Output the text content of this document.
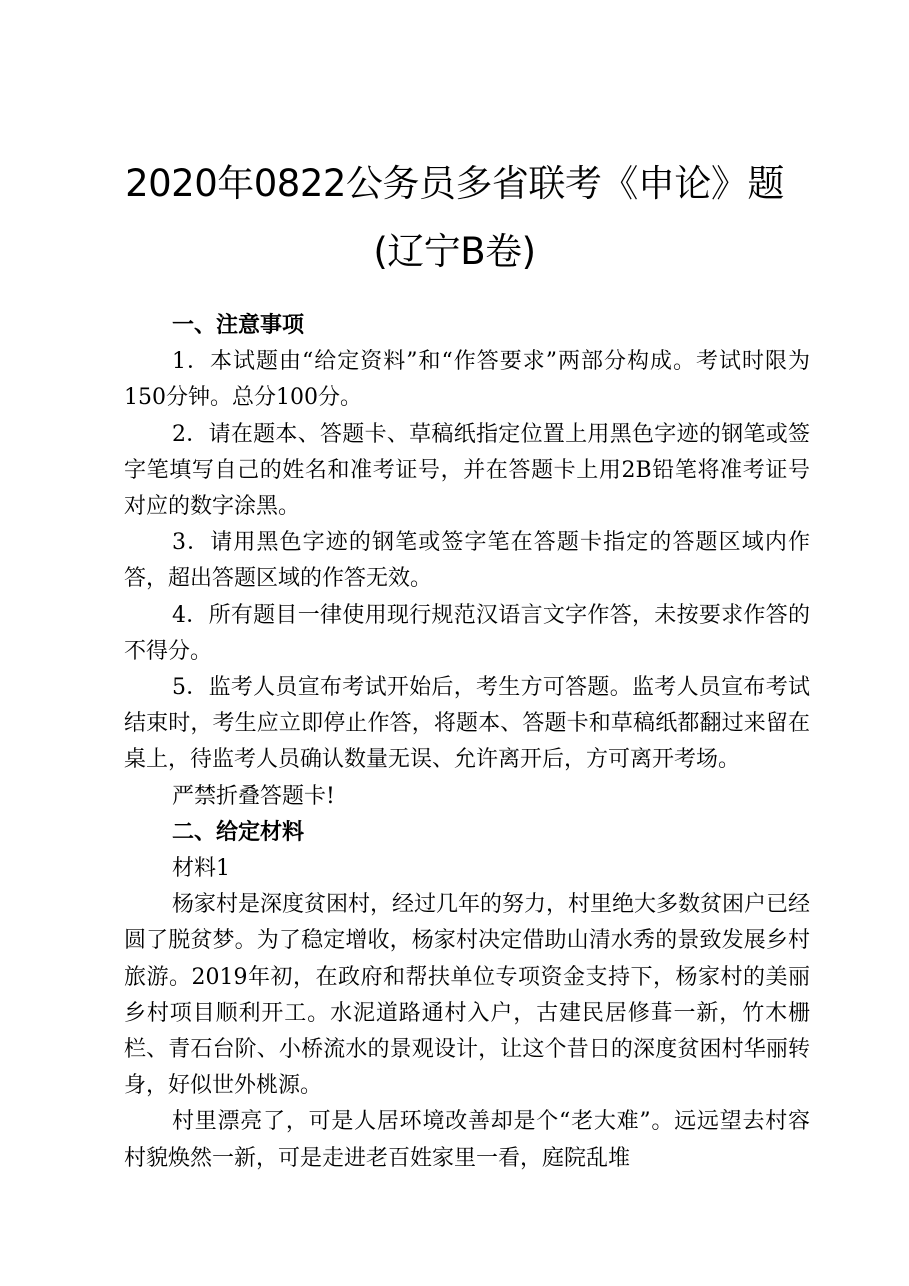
2020年0822公务员多省联考《申论》题
(辽宁B卷)

一、注意事项

1．本试题由“给定资料”和“作答要求”两部分构成。考试时限为150分钟。总分100分。

2．请在题本、答题卡、草稿纸指定位置上用黑色字迹的钢笔或签字笔填写自己的姓名和准考证号，并在答题卡上用2B铅笔将准考证号对应的数字涂黑。

3．请用黑色字迹的钢笔或签字笔在答题卡指定的答题区域内作答，超出答题区域的作答无效。

4．所有题目一律使用现行规范汉语言文字作答，未按要求作答的不得分。

5．监考人员宣布考试开始后，考生方可答题。监考人员宣布考试结束时，考生应立即停止作答，将题本、答题卡和草稿纸都翻过来留在桌上，待监考人员确认数量无误、允许离开后，方可离开考场。

严禁折叠答题卡!

二、给定材料

材料1

杨家村是深度贫困村，经过几年的努力，村里绝大多数贫困户已经圆了脱贫梦。为了稳定增收，杨家村决定借助山清水秀的景致发展乡村旅游。2019年初，在政府和帮扶单位专项资金支持下，杨家村的美丽乡村项目顺利开工。水泥道路通村入户，古建民居修葺一新，竹木栅栏、青石台阶、小桥流水的景观设计，让这个昔日的深度贫困村华丽转身，好似世外桃源。

村里漂亮了，可是人居环境改善却是个“老大难”。远远望去村容村貌焕然一新，可是走进老百姓家里一看，庭院乱堆
